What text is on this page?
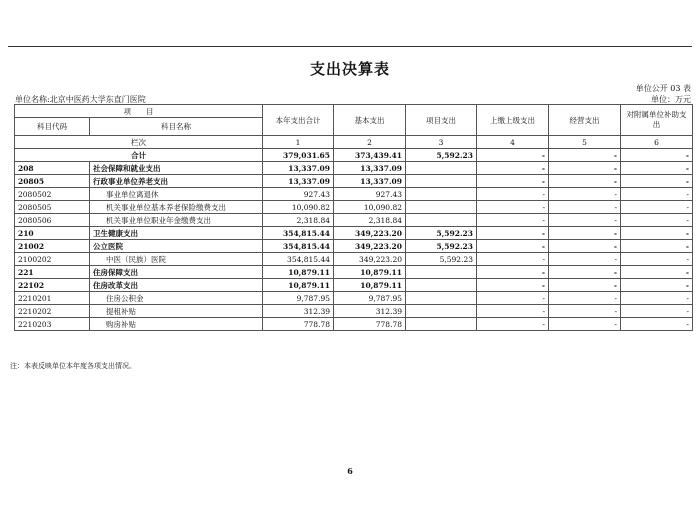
支出决算表
单位公开 03 表
单位名称:北京中医药大学东直门医院	单位：万元
项　　目		本年支出合计	基本支出	项目支出	上缴上级支出	经营支出	对附属单位补助支出
科目代码	科目名称						
栏次		1	2	3	4	5	6
合计		379,031.65	373,439.41	5,592.23	-	-	-
208	社会保障和就业支出	13,337.09	13,337.09		-	-	-
20805	行政事业单位养老支出	13,337.09	13,337.09		-	-	-
2080502	事业单位离退休	927.43	927.43		-	-	-
2080505	机关事业单位基本养老保险缴费支出	10,090.82	10,090.82		-	-	-
2080506	机关事业单位职业年金缴费支出	2,318.84	2,318.84		-	-	-
210	卫生健康支出	354,815.44	349,223.20	5,592.23	-	-	-
21002	公立医院	354,815.44	349,223.20	5,592.23	-	-	-
2100202	中医（民族）医院	354,815.44	349,223.20	5,592.23	-	-	-
221	住房保障支出	10,879.11	10,879.11		-	-	-
22102	住房改革支出	10,879.11	10,879.11		-	-	-
2210201	住房公积金	9,787.95	9,787.95		-	-	-
2210202	提租补贴	312.39	312.39		-	-	-
2210203	购房补贴	778.78	778.78		-	-	-
注：本表反映单位本年度各项支出情况。
6
